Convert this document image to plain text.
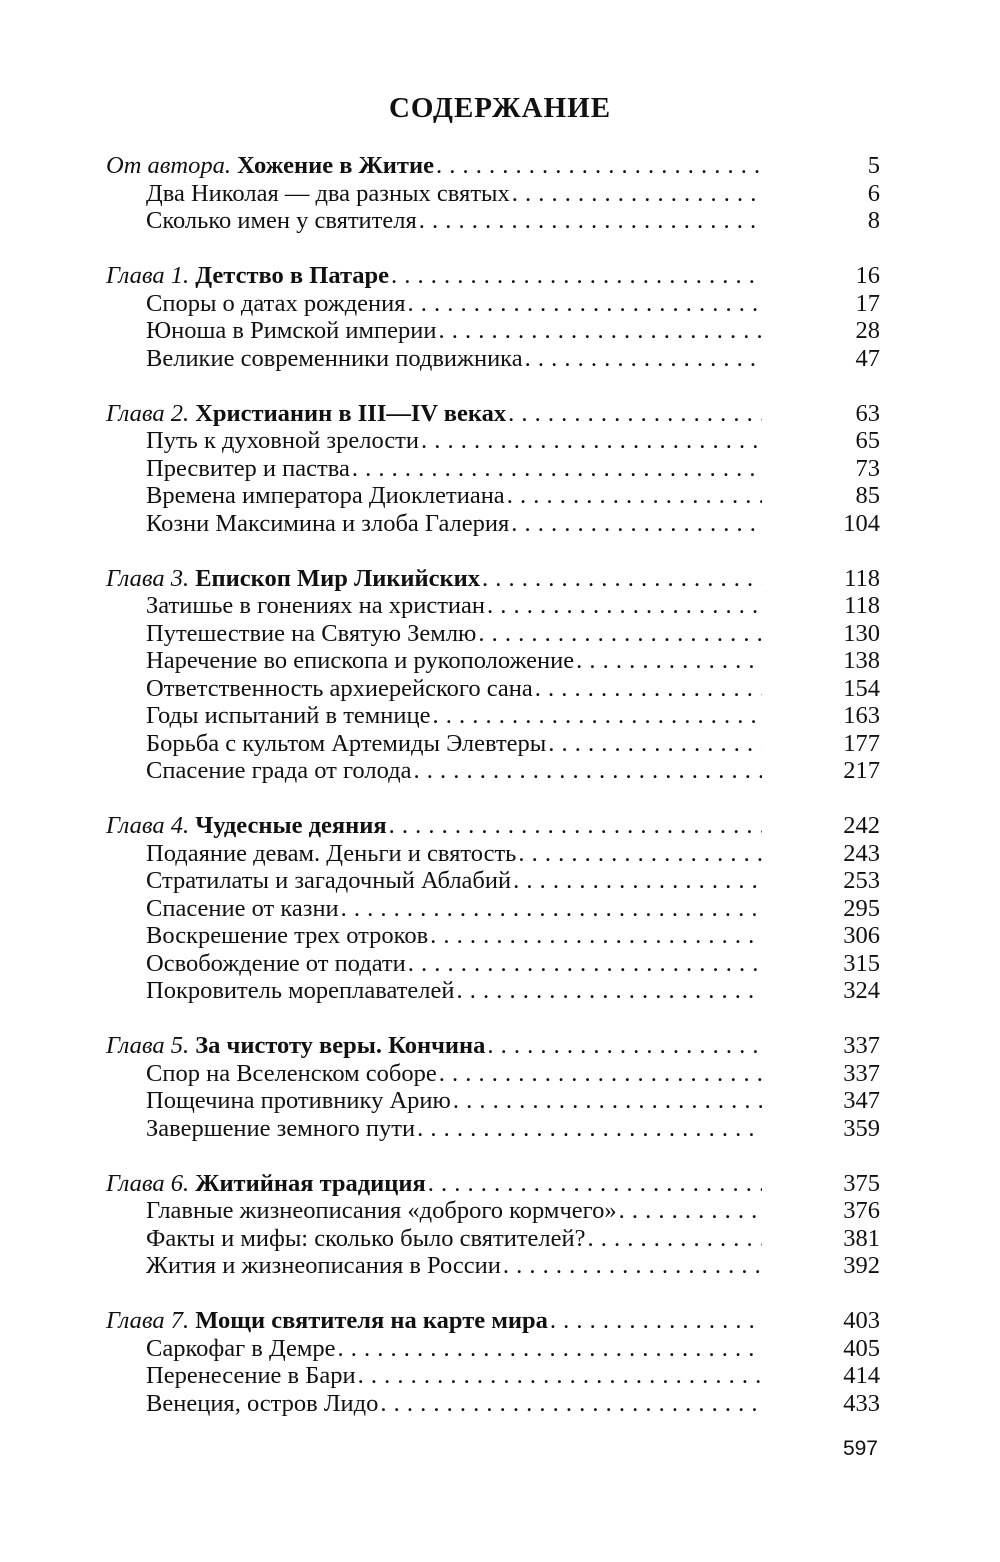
СОДЕРЖАНИЕ
От автора. Хожение в Житие . . .	5
Два Николая — два разных святых . . .	6
Сколько имен у святителя . . .	8
Глава 1. Детство в Патаре . . .	16
Споры о датах рождения . . .	17
Юноша в Римской империи . . .	28
Великие современники подвижника . . .	47
Глава 2. Христианин в III—IV веках . . .	63
Путь к духовной зрелости . . .	65
Пресвитер и паства . . .	73
Времена императора Диоклетиана . . .	85
Козни Максимина и злоба Галерия . . .	104
Глава 3. Епископ Мир Ликийских . . .	118
Затишье в гонениях на христиан . . .	118
Путешествие на Святую Землю . . .	130
Наречение во епископа и рукоположение . . .	138
Ответственность архиерейского сана . . .	154
Годы испытаний в темнице . . .	163
Борьба с культом Артемиды Элевтеры . . .	177
Спасение града от голода . . .	217
Глава 4. Чудесные деяния . . .	242
Подаяние девам. Деньги и святость . . .	243
Стратилаты и загадочный Аблабий . . .	253
Спасение от казни . . .	295
Воскрешение трех отроков . . .	306
Освобождение от подати . . .	315
Покровитель мореплавателей . . .	324
Глава 5. За чистоту веры. Кончина . . .	337
Спор на Вселенском соборе . . .	337
Пощечина противнику Арию . . .	347
Завершение земного пути . . .	359
Глава 6. Житийная традиция . . .	375
Главные жизнеописания «доброго кормчего» . . .	376
Факты и мифы: сколько было святителей? . . .	381
Жития и жизнеописания в России . . .	392
Глава 7. Мощи святителя на карте мира . . .	403
Саркофаг в Демре . . .	405
Перенесение в Бари . . .	414
Венеция, остров Лидо . . .	433

597
